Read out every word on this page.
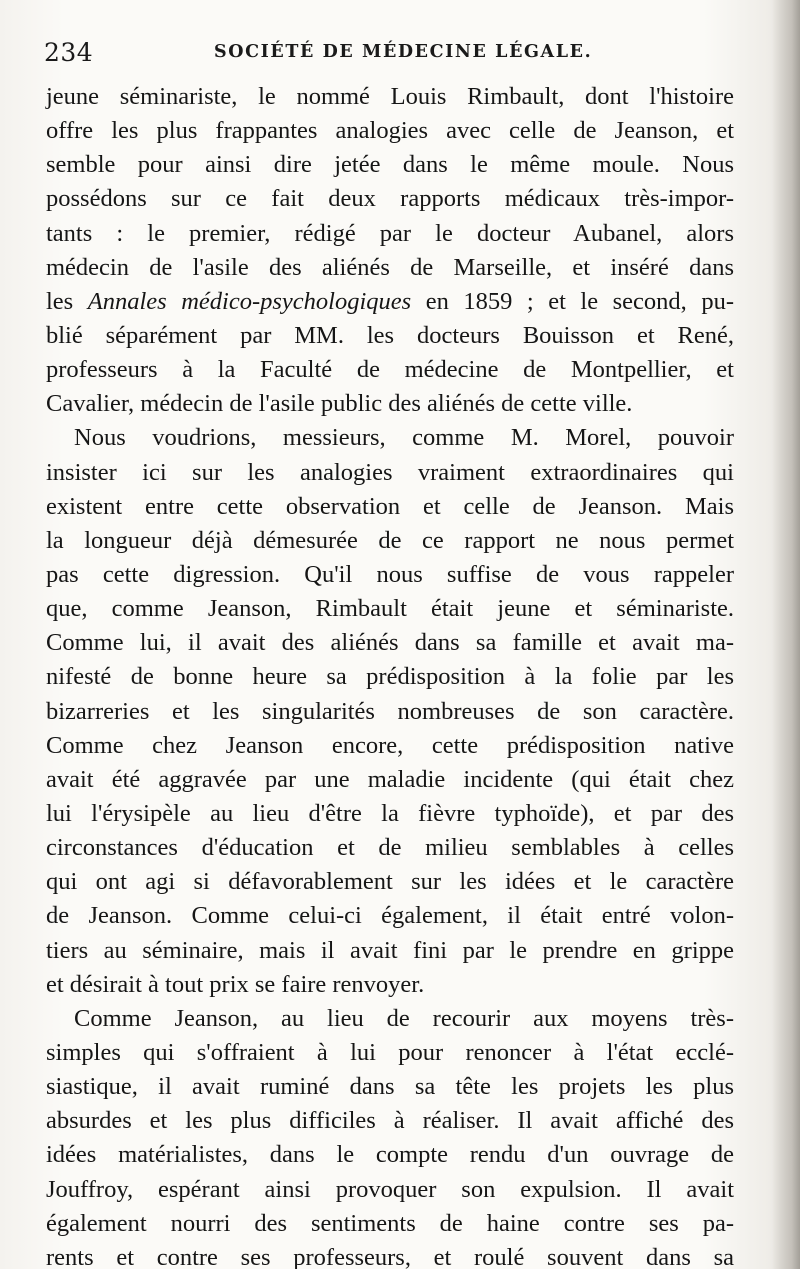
234	SOCIÉTÉ DE MÉDECINE LÉGALE.
jeune séminariste, le nommé Louis Rimbault, dont l'histoire
offre les plus frappantes analogies avec celle de Jeanson, et
semble pour ainsi dire jetée dans le même moule. Nous
possédons sur ce fait deux rapports médicaux très-impor-
tants : le premier, rédigé par le docteur Aubanel, alors
médecin de l'asile des aliénés de Marseille, et inséré dans
les Annales médico-psychologiques en 1859 ; et le second, pu-
blié séparément par MM. les docteurs Bouisson et René,
professeurs à la Faculté de médecine de Montpellier, et
Cavalier, médecin de l'asile public des aliénés de cette ville.
Nous voudrions, messieurs, comme M. Morel, pouvoir
insister ici sur les analogies vraiment extraordinaires qui
existent entre cette observation et celle de Jeanson. Mais
la longueur déjà démesurée de ce rapport ne nous permet
pas cette digression. Qu'il nous suffise de vous rappeler
que, comme Jeanson, Rimbault était jeune et séminariste.
Comme lui, il avait des aliénés dans sa famille et avait ma-
nifesté de bonne heure sa prédisposition à la folie par les
bizarreries et les singularités nombreuses de son caractère.
Comme chez Jeanson encore, cette prédisposition native
avait été aggravée par une maladie incidente (qui était chez
lui l'érysipèle au lieu d'être la fièvre typhoïde), et par des
circonstances d'éducation et de milieu semblables à celles
qui ont agi si défavorablement sur les idées et le caractère
de Jeanson. Comme celui-ci également, il était entré volon-
tiers au séminaire, mais il avait fini par le prendre en grippe
et désirait à tout prix se faire renvoyer.
Comme Jeanson, au lieu de recourir aux moyens très-
simples qui s'offraient à lui pour renoncer à l'état ecclé-
siastique, il avait ruminé dans sa tête les projets les plus
absurdes et les plus difficiles à réaliser. Il avait affiché des
idées matérialistes, dans le compte rendu d'un ouvrage de
Jouffroy, espérant ainsi provoquer son expulsion. Il avait
également nourri des sentiments de haine contre ses pa-
rents et contre ses professeurs, et roulé souvent dans sa
